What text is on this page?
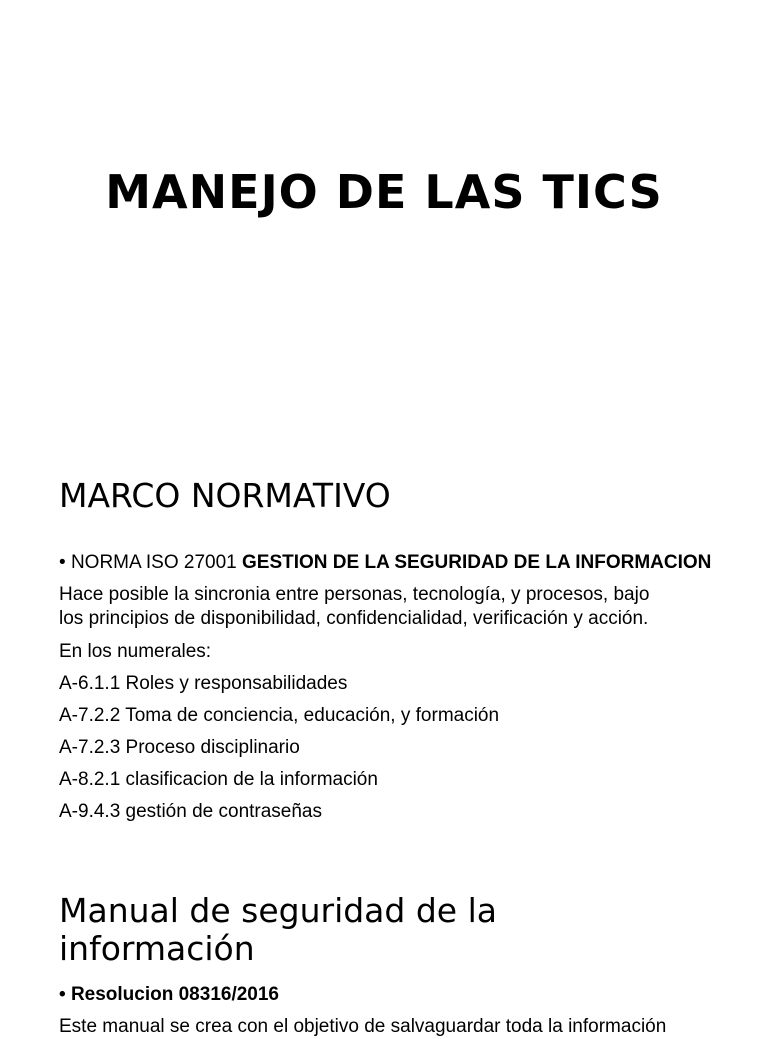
MANEJO DE LAS TICS
MARCO NORMATIVO
• NORMA ISO 27001 GESTION DE LA SEGURIDAD DE LA INFORMACION
Hace posible la sincronia entre personas, tecnología, y procesos, bajo
los principios de disponibilidad, confidencialidad, verificación y acción.
En los numerales:
A-6.1.1 Roles y responsabilidades
A-7.2.2 Toma de conciencia, educación, y formación
A-7.2.3 Proceso disciplinario
A-8.2.1 clasificacion de la información
A-9.4.3 gestión de contraseñas
Manual de seguridad de la
información
• Resolucion 08316/2016
Este manual se crea con el objetivo de salvaguardar toda la información
